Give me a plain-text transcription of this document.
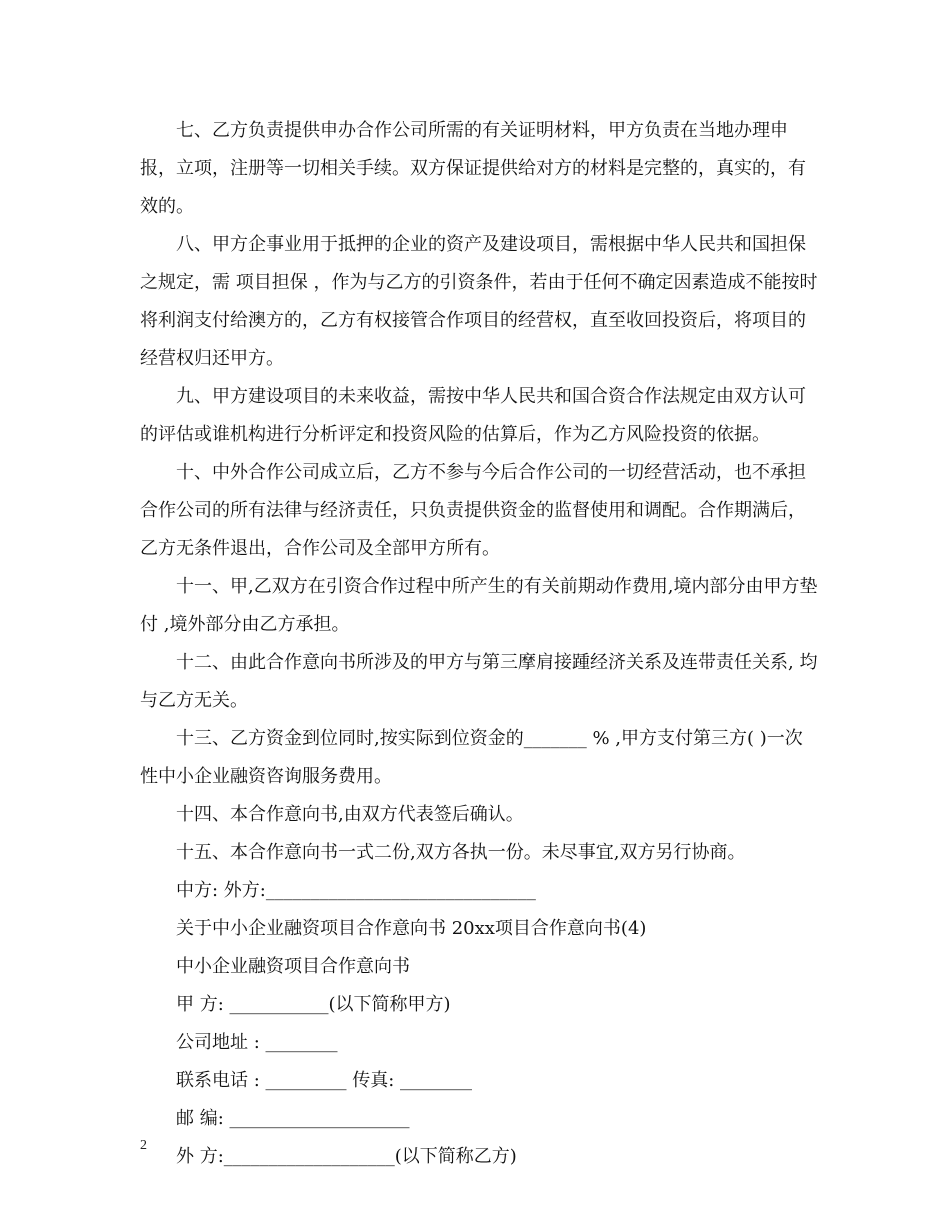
七、乙方负责提供申办合作公司所需的有关证明材料，甲方负责在当地办理申报，立项，注册等一切相关手续。双方保证提供给对方的材料是完整的，真实的，有效的。

八、甲方企事业用于抵押的企业的资产及建设项目，需根据中华人民共和国担保之规定，需 项目担保 ，作为与乙方的引资条件，若由于任何不确定因素造成不能按时将利润支付给澳方的，乙方有权接管合作项目的经营权，直至收回投资后，将项目的经营权归还甲方。

九、甲方建设项目的未来收益，需按中华人民共和国合资合作法规定由双方认可的评估或谁机构进行分析评定和投资风险的估算后，作为乙方风险投资的依据。

十、中外合作公司成立后，乙方不参与今后合作公司的一切经营活动，也不承担合作公司的所有法律与经济责任，只负责提供资金的监督使用和调配。合作期满后，乙方无条件退出，合作公司及全部甲方所有。

十一、甲,乙双方在引资合作过程中所产生的有关前期动作费用,境内部分由甲方垫付 ,境外部分由乙方承担。

十二、由此合作意向书所涉及的甲方与第三摩肩接踵经济关系及连带责任关系, 均与乙方无关。

十三、乙方资金到位同时,按实际到位资金的_______ % ,甲方支付第三方( )一次性中小企业融资咨询服务费用。

十四、本合作意向书,由双方代表签后确认。

十五、本合作意向书一式二份,双方各执一份。未尽事宜,双方另行协商。

中方: 外方:______________________________

关于中小企业融资项目合作意向书 20xx项目合作意向书(4)

中小企业融资项目合作意向书

甲 方: ___________(以下简称甲方)

公司地址 : ________

联系电话 : _________ 传真: ________

邮 编: ____________________

外 方:___________________(以下简称乙方)

2
